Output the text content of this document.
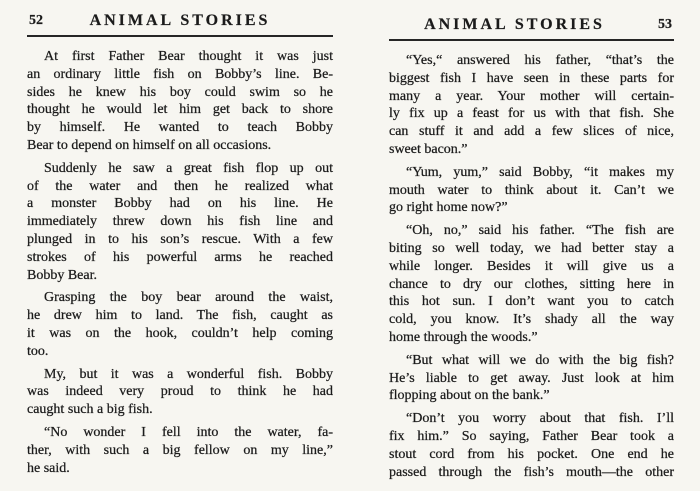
52	ANIMAL STORIES
At first Father Bear thought it was just
an ordinary little fish on Bobby’s line. Be-
sides he knew his boy could swim so he
thought he would let him get back to shore
by himself. He wanted to teach Bobby
Bear to depend on himself on all occasions.
Suddenly he saw a great fish flop up out
of the water and then he realized what
a monster Bobby had on his line. He
immediately threw down his fish line and
plunged in to his son’s rescue. With a few
strokes of his powerful arms he reached
Bobby Bear.
Grasping the boy bear around the waist,
he drew him to land. The fish, caught as
it was on the hook, couldn’t help coming
too.
My, but it was a wonderful fish. Bobby
was indeed very proud to think he had
caught such a big fish.
“No wonder I fell into the water, fa-
ther, with such a big fellow on my line,”
he said.
ANIMAL STORIES	53
“Yes,“ answered his father, “that’s the
biggest fish I have seen in these parts for
many a year. Your mother will certain-
ly fix up a feast for us with that fish. She
can stuff it and add a few slices of nice,
sweet bacon.”
“Yum, yum,” said Bobby, “it makes my
mouth water to think about it. Can’t we
go right home now?”
“Oh, no,” said his father. “The fish are
biting so well today, we had better stay a
while longer. Besides it will give us a
chance to dry our clothes, sitting here in
this hot sun. I don’t want you to catch
cold, you know. It’s shady all the way
home through the woods.”
“But what will we do with the big fish?
He’s liable to get away. Just look at him
flopping about on the bank.”
“Don’t you worry about that fish. I’ll
fix him.” So saying, Father Bear took a
stout cord from his pocket. One end he
passed through the fish’s mouth—the other
